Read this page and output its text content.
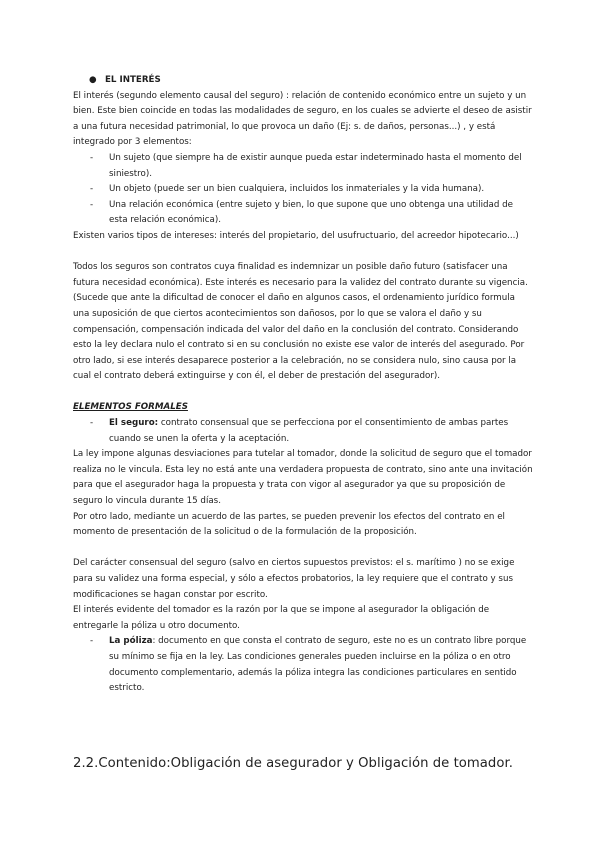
● EL INTERÉS

El interés (segundo elemento causal del seguro) : relación de contenido económico entre un sujeto y un bien. Este bien coincide en todas las modalidades de seguro, en los cuales se advierte el deseo de asistir a una futura necesidad patrimonial, lo que provoca un daño (Ej: s. de daños, personas...) , y está integrado por 3 elementos:

-	Un sujeto (que siempre ha de existir aunque pueda estar indeterminado hasta el momento del siniestro).
-	Un objeto (puede ser un bien cualquiera, incluidos los inmateriales y la vida humana).
-	Una relación económica (entre sujeto y bien, lo que supone que uno obtenga una utilidad de esta relación económica).

Existen varios tipos de intereses: interés del propietario, del usufructuario, del acreedor hipotecario...)

Todos los seguros son contratos cuya finalidad es indemnizar un posible daño futuro (satisfacer una futura necesidad económica). Este interés es necesario para la validez del contrato durante su vigencia. (Sucede que ante la dificultad de conocer el daño en algunos casos, el ordenamiento jurídico formula una suposición de que ciertos acontecimientos son dañosos, por lo que se valora el daño y su compensación, compensación indicada del valor del daño en la conclusión del contrato. Considerando esto la ley declara nulo el contrato si en su conclusión no existe ese valor de interés del asegurado. Por otro lado, si ese interés desaparece posterior a la celebración, no se considera nulo, sino causa por la cual el contrato deberá extinguirse y con él, el deber de prestación del asegurador).

ELEMENTOS FORMALES

-	El seguro: contrato consensual que se perfecciona por el consentimiento de ambas partes cuando se unen la oferta y la aceptación.

La ley impone algunas desviaciones para tutelar al tomador, donde la solicitud de seguro que el tomador realiza no le vincula. Esta ley no está ante una verdadera propuesta de contrato, sino ante una invitación para que el asegurador haga la propuesta y trata con vigor al asegurador ya que su proposición de seguro lo vincula durante 15 días.

Por otro lado, mediante un acuerdo de las partes, se pueden prevenir los efectos del contrato en el momento de presentación de la solicitud o de la formulación de la proposición.

Del carácter consensual del seguro (salvo en ciertos supuestos previstos: el s. marítimo ) no se exige para su validez una forma especial, y sólo a efectos probatorios, la ley requiere que el contrato y sus modificaciones se hagan constar por escrito.

El interés evidente del tomador es la razón por la que se impone al asegurador la obligación de entregarle la póliza u otro documento.

-	La póliza: documento en que consta el contrato de seguro, este no es un contrato libre porque su mínimo se fija en la ley. Las condiciones generales pueden incluirse en la póliza o en otro documento complementario, además la póliza integra las condiciones particulares en sentido estricto.
2.2.Contenido:Obligación de asegurador y Obligación de tomador.
